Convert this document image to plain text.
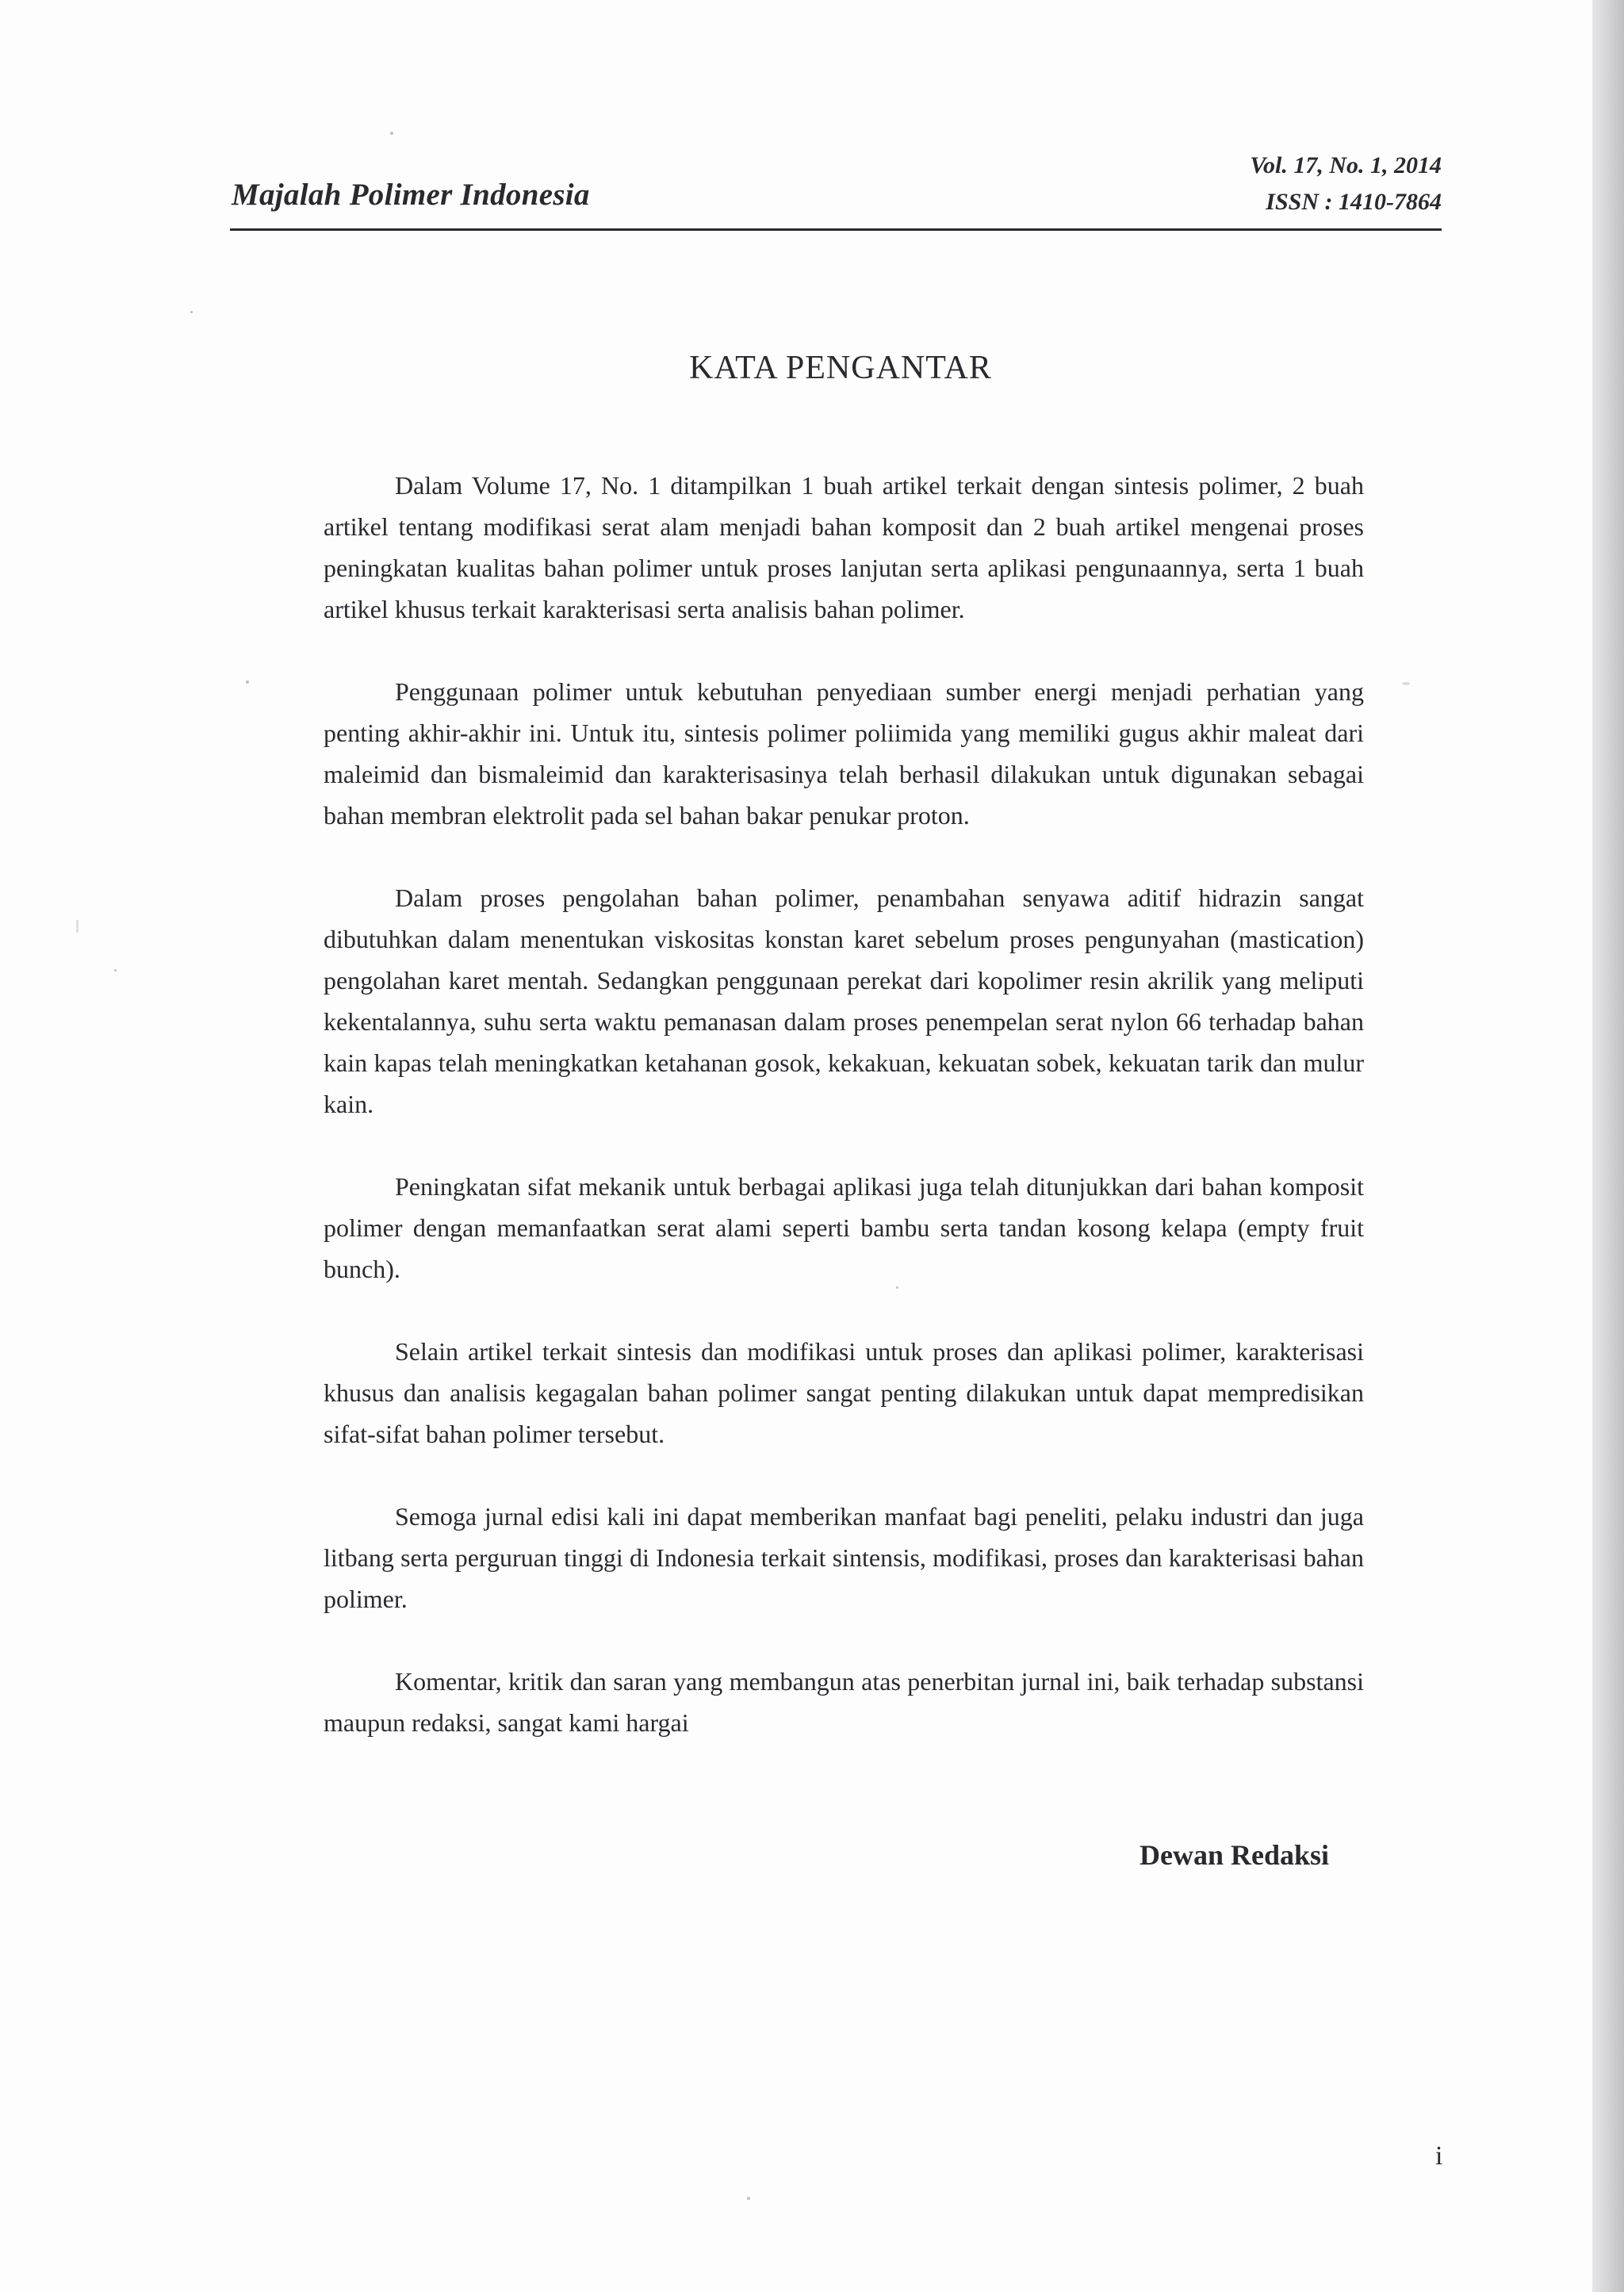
Majalah Polimer Indonesia

Vol. 17, No. 1, 2014
ISSN : 1410-7864
KATA PENGANTAR

Dalam Volume 17, No. 1 ditampilkan 1 buah artikel terkait dengan sintesis polimer, 2 buah artikel tentang modifikasi serat alam menjadi bahan komposit dan 2 buah artikel mengenai proses peningkatan kualitas bahan polimer untuk proses lanjutan serta aplikasi pengunaannya, serta 1 buah artikel khusus terkait karakterisasi serta analisis bahan polimer.

Penggunaan polimer untuk kebutuhan penyediaan sumber energi menjadi perhatian yang penting akhir-akhir ini. Untuk itu, sintesis polimer poliimida yang memiliki gugus akhir maleat dari maleimid dan bismaleimid dan karakterisasinya telah berhasil dilakukan untuk digunakan sebagai bahan membran elektrolit pada sel bahan bakar penukar proton.

Dalam proses pengolahan bahan polimer, penambahan senyawa aditif hidrazin sangat dibutuhkan dalam menentukan viskositas konstan karet sebelum proses pengunyahan (mastication) pengolahan karet mentah. Sedangkan penggunaan perekat dari kopolimer resin akrilik yang meliputi kekentalannya, suhu serta waktu pemanasan dalam proses penempelan serat nylon 66 terhadap bahan kain kapas telah meningkatkan ketahanan gosok, kekakuan, kekuatan sobek, kekuatan tarik dan mulur kain.

Peningkatan sifat mekanik untuk berbagai aplikasi juga telah ditunjukkan dari bahan komposit polimer dengan memanfaatkan serat alami seperti bambu serta tandan kosong kelapa (empty fruit bunch).

Selain artikel terkait sintesis dan modifikasi untuk proses dan aplikasi polimer, karakterisasi khusus dan analisis kegagalan bahan polimer sangat penting dilakukan untuk dapat mempredisikan sifat-sifat bahan polimer tersebut.

Semoga jurnal edisi kali ini dapat memberikan manfaat bagi peneliti, pelaku industri dan juga litbang serta perguruan tinggi di Indonesia terkait sintensis, modifikasi, proses dan karakterisasi bahan polimer.

Komentar, kritik dan saran yang membangun atas penerbitan jurnal ini, baik terhadap substansi maupun redaksi, sangat kami hargai

Dewan Redaksi

i
